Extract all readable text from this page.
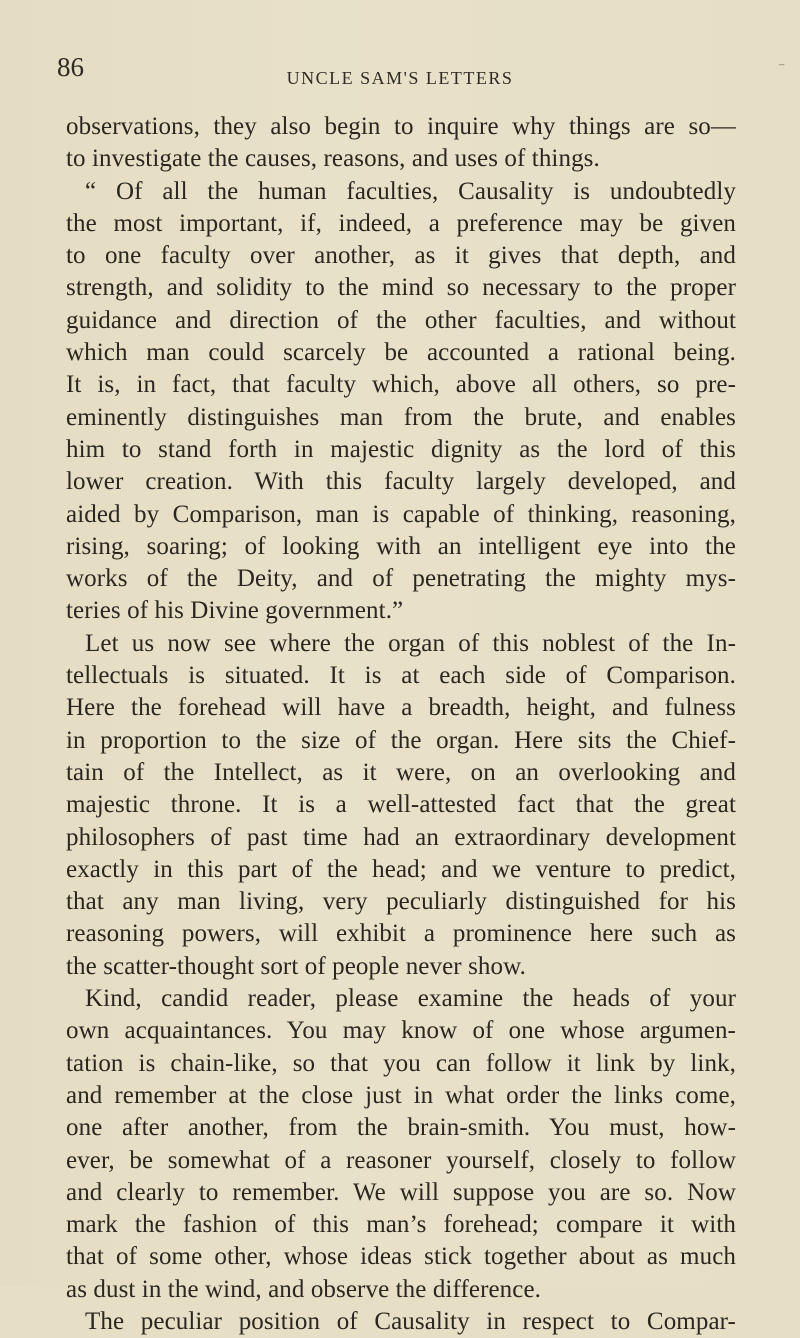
86	UNCLE SAM'S LETTERS	⁻
observations, they also begin to inquire why things are so—
to investigate the causes, reasons, and uses of things.
“ Of all the human faculties, Causality is undoubtedly
the most important, if, indeed, a preference may be given
to one faculty over another, as it gives that depth, and
strength, and solidity to the mind so necessary to the proper
guidance and direction of the other faculties, and without
which man could scarcely be accounted a rational being.
It is, in fact, that faculty which, above all others, so pre-
eminently distinguishes man from the brute, and enables
him to stand forth in majestic dignity as the lord of this
lower creation. With this faculty largely developed, and
aided by Comparison, man is capable of thinking, reasoning,
rising, soaring; of looking with an intelligent eye into the
works of the Deity, and of penetrating the mighty mys-
teries of his Divine government.”
Let us now see where the organ of this noblest of the In-
tellectuals is situated. It is at each side of Comparison.
Here the forehead will have a breadth, height, and fulness
in proportion to the size of the organ. Here sits the Chief-
tain of the Intellect, as it were, on an overlooking and
majestic throne. It is a well-attested fact that the great
philosophers of past time had an extraordinary development
exactly in this part of the head; and we venture to predict,
that any man living, very peculiarly distinguished for his
reasoning powers, will exhibit a prominence here such as
the scatter-thought sort of people never show.
Kind, candid reader, please examine the heads of your
own acquaintances. You may know of one whose argumen-
tation is chain-like, so that you can follow it link by link,
and remember at the close just in what order the links come,
one after another, from the brain-smith. You must, how-
ever, be somewhat of a reasoner yourself, closely to follow
and clearly to remember. We will suppose you are so. Now
mark the fashion of this man’s forehead; compare it with
that of some other, whose ideas stick together about as much
as dust in the wind, and observe the difference.
The peculiar position of Causality in respect to Compar-
